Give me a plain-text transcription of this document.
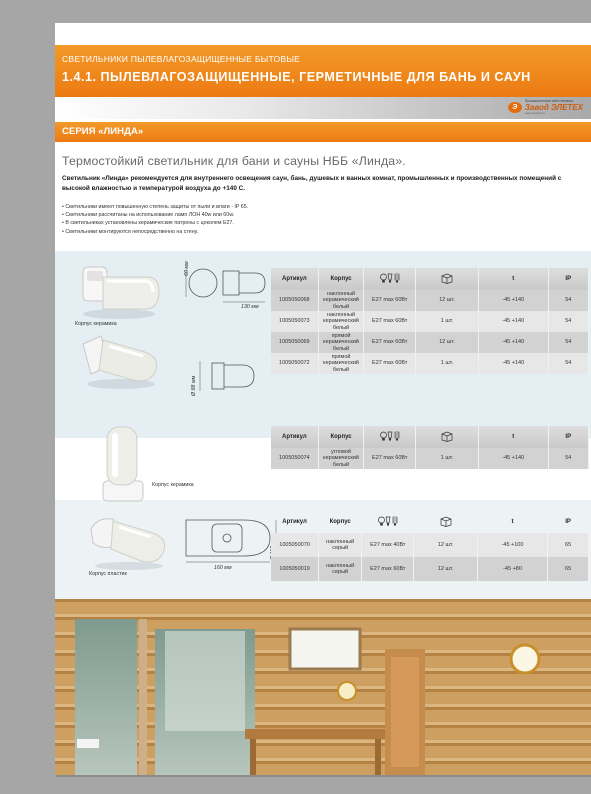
СВЕТИЛЬНИКИ ПЫЛЕВЛАГОЗАЩИЩЕННЫЕ БЫТОВЫЕ
1.4.1. ПЫЛЕВЛАГОЗАЩИЩЕННЫЕ, ГЕРМЕТИЧНЫЕ ДЛЯ БАНЬ И САУН
Э
Промышленная светотехника
Завод ЭЛЕТЕХ
www.eletech.ru
СЕРИЯ «ЛИНДА»
Термостойкий светильник для бани и сауны НББ «Линда».
Светильник «Линда» рекомендуется для внутреннего освещения саун, бань, душевых и ванных комнат, промышленных и производственных помещений с высокой влажностью и температурой воздуха до +140 С.
• Светильники имеют повышенную степень защиты от пыли и влаги - IP 65.
• Светильники рассчитаны на использование ламп ЛОН 40w или 60w.
• В светильниках установлены керамические патроны с цоколем Е27.
• Светильники монтируются непосредственно на стену.
Корпус керамика
60 мм
130 мм
Ø 88 мм
Корпус керамика
Корпус пластик
160 мм
Артикул	Корпус			t	IP
1005050068	наклонный
керамический
белый	E27 max 60Вт	12 шт.	-45 +140	54
1005050073	наклонный
керамический
белый	E27 max 60Вт	1 шт.	-45 +140	54
1005050069	прямой
керамический
белый	E27 max 60Вт	12 шт.	-45 +140	54
1005050072	прямой
керамический
белый	E27 max 60Вт	1 шт.	-45 +140	54
Артикул	Корпус			t	IP
1005050074	угловой
керамический
белый	E27 max 60Вт	1 шт.	-45 +140	54
Артикул	Корпус			t	IP
1005050070	наклонный
серый	E27 max 40Вт	12 шт.	-45 +100	65
1005050019	наклонный
серый	E27 max 60Вт	12 шт.	-45 +80	65
